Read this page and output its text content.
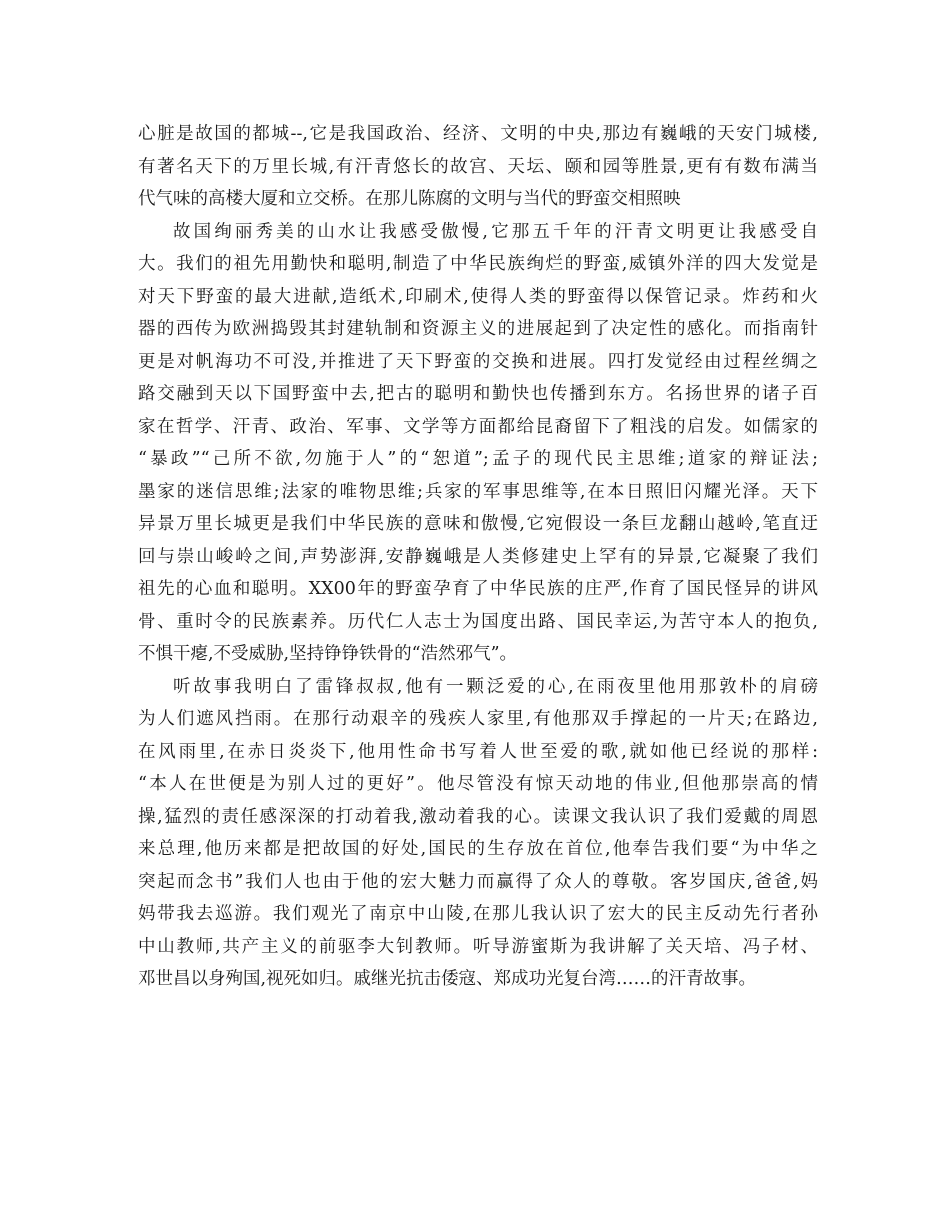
心脏是故国的都城--,它是我国政治、经济、文明的中央,那边有巍峨的天安门城楼,
有著名天下的万里长城,有汗青悠长的故宫、天坛、颐和园等胜景,更有有数布满当
代气味的高楼大厦和立交桥。在那儿陈腐的文明与当代的野蛮交相照映
故国绚丽秀美的山水让我感受傲慢,它那五千年的汗青文明更让我感受自
大。我们的祖先用勤快和聪明,制造了中华民族绚烂的野蛮,威镇外洋的四大发觉是
对天下野蛮的最大进献,造纸术,印刷术,使得人类的野蛮得以保管记录。炸药和火
器的西传为欧洲捣毁其封建轨制和资源主义的进展起到了决定性的感化。而指南针
更是对帆海功不可没,并推进了天下野蛮的交换和进展。四打发觉经由过程丝绸之
路交融到天以下国野蛮中去,把古的聪明和勤快也传播到东方。名扬世界的诸子百
家在哲学、汗青、政治、军事、文学等方面都给昆裔留下了粗浅的启发。如儒家的
“暴政”“己所不欲,勿施于人”的“恕道”;孟子的现代民主思维;道家的辩证法;
墨家的迷信思维;法家的唯物思维;兵家的军事思维等,在本日照旧闪耀光泽。天下
异景万里长城更是我们中华民族的意味和傲慢,它宛假设一条巨龙翻山越岭,笔直迂
回与崇山峻岭之间,声势澎湃,安静巍峨是人类修建史上罕有的异景,它凝聚了我们
祖先的心血和聪明。XX00年的野蛮孕育了中华民族的庄严,作育了国民怪异的讲风
骨、重时令的民族素养。历代仁人志士为国度出路、国民幸运,为苦守本人的抱负,
不惧干瘪,不受威胁,坚持铮铮铁骨的“浩然邪气”。
听故事我明白了雷锋叔叔,他有一颗泛爱的心,在雨夜里他用那敦朴的肩磅
为人们遮风挡雨。在那行动艰辛的残疾人家里,有他那双手撑起的一片天;在路边,
在风雨里,在赤日炎炎下,他用性命书写着人世至爱的歌,就如他已经说的那样:
“本人在世便是为别人过的更好”。他尽管没有惊天动地的伟业,但他那崇高的情
操,猛烈的责任感深深的打动着我,激动着我的心。读课文我认识了我们爱戴的周恩
来总理,他历来都是把故国的好处,国民的生存放在首位,他奉告我们要“为中华之
突起而念书”我们人也由于他的宏大魅力而赢得了众人的尊敬。客岁国庆,爸爸,妈
妈带我去巡游。我们观光了南京中山陵,在那儿我认识了宏大的民主反动先行者孙
中山教师,共产主义的前驱李大钊教师。听导游蜜斯为我讲解了关天培、冯子材、
邓世昌以身殉国,视死如归。戚继光抗击倭寇、郑成功光复台湾……的汗青故事。
